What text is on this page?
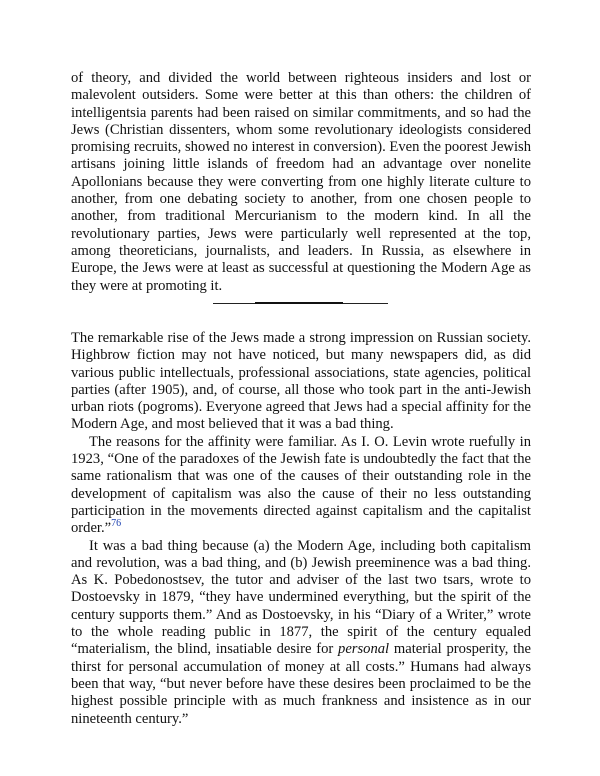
of theory, and divided the world between righteous insiders and lost or malevolent outsiders. Some were better at this than others: the children of intelligentsia parents had been raised on similar commitments, and so had the Jews (Christian dissenters, whom some revolutionary ideologists considered promising recruits, showed no interest in conversion). Even the poorest Jewish artisans joining little islands of freedom had an advantage over nonelite Apollonians because they were converting from one highly literate culture to another, from one debating society to another, from one chosen people to another, from traditional Mercurianism to the modern kind. In all the revolutionary parties, Jews were particularly well represented at the top, among theoreticians, journalists, and leaders. In Russia, as elsewhere in Europe, the Jews were at least as successful at questioning the Modern Age as they were at promoting it.

The remarkable rise of the Jews made a strong impression on Russian society. Highbrow fiction may not have noticed, but many newspapers did, as did various public intellectuals, professional associations, state agencies, political parties (after 1905), and, of course, all those who took part in the anti-Jewish urban riots (pogroms). Everyone agreed that Jews had a special affinity for the Modern Age, and most believed that it was a bad thing.

The reasons for the affinity were familiar. As I. O. Levin wrote ruefully in 1923, “One of the paradoxes of the Jewish fate is undoubtedly the fact that the same rationalism that was one of the causes of their outstanding role in the development of capitalism was also the cause of their no less outstanding participation in the movements directed against capitalism and the capitalist order.”$^{76}$

It was a bad thing because (a) the Modern Age, including both capitalism and revolution, was a bad thing, and (b) Jewish preeminence was a bad thing. As K. Pobedonostsev, the tutor and adviser of the last two tsars, wrote to Dostoevsky in 1879, “they have undermined everything, but the spirit of the century supports them.” And as Dostoevsky, in his “Diary of a Writer,” wrote to the whole reading public in 1877, the spirit of the century equaled “materialism, the blind, insatiable desire for personal material prosperity, the thirst for personal accumulation of money at all costs.” Humans had always been that way, “but never before have these desires been proclaimed to be the highest possible principle with as much frankness and insistence as in our nineteenth century.”
